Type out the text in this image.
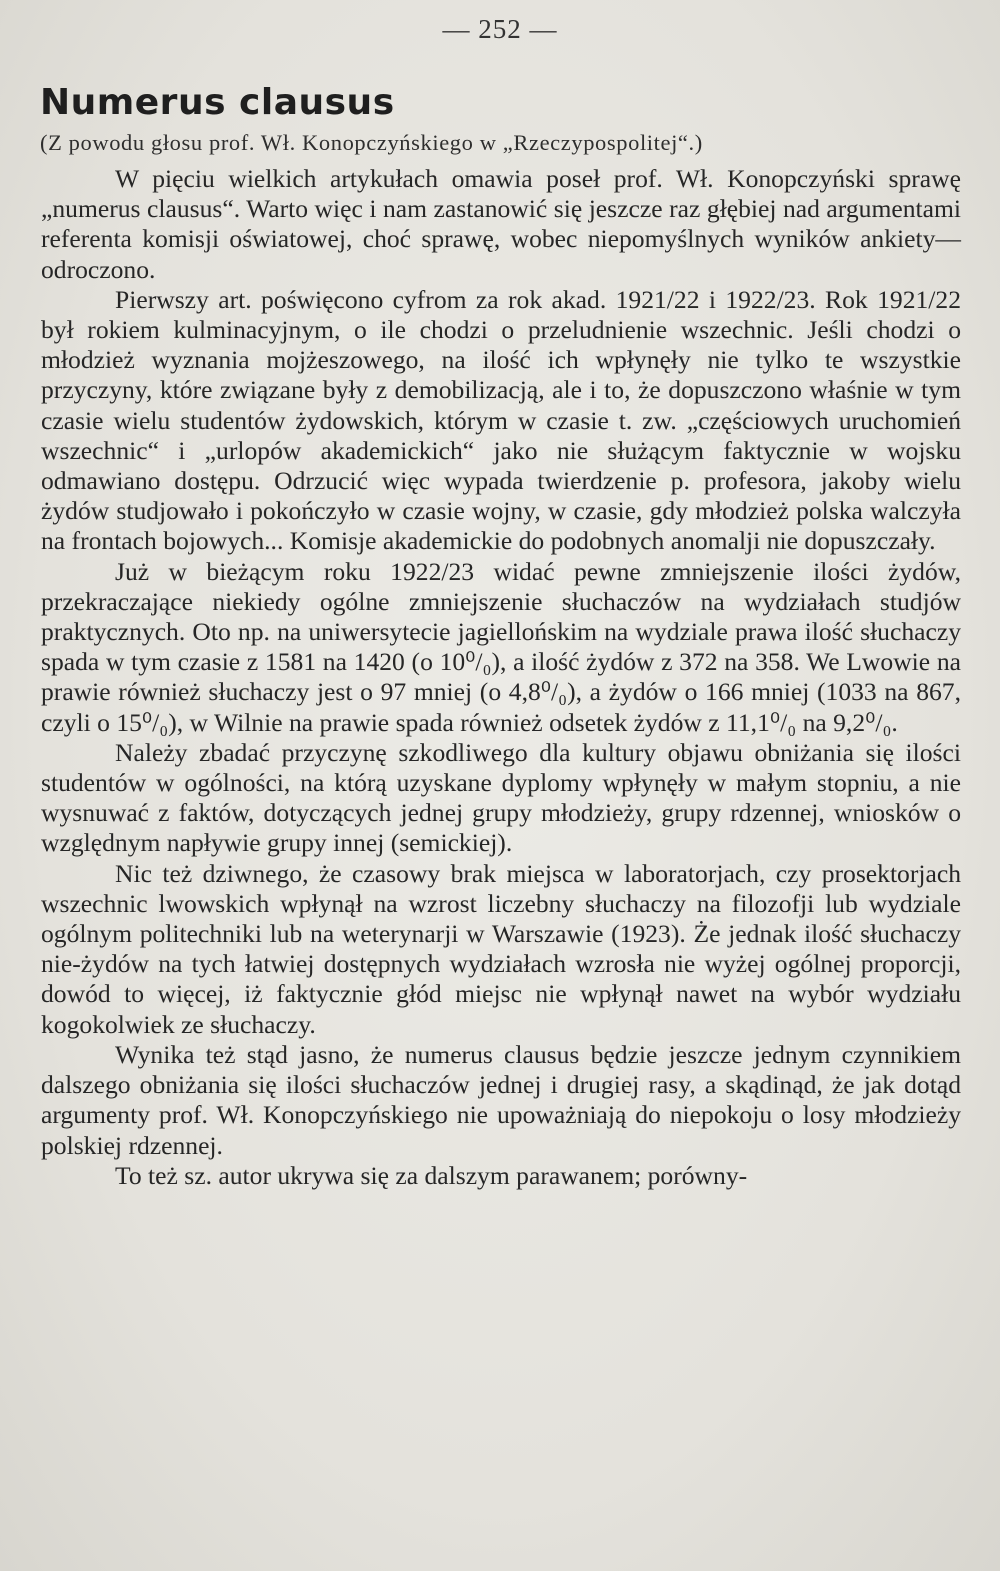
— 252 —
Numerus clausus
(Z powodu głosu prof. Wł. Konopczyńskiego w „Rzeczypospolitej“.)

W pięciu wielkich artykułach omawia poseł prof. Wł. Konopczyński sprawę „numerus clausus“. Warto więc i nam zastanowić się jeszcze raz głębiej nad argumentami referenta komisji oświatowej, choć sprawę, wobec niepomyślnych wyników ankiety—odroczono.

Pierwszy art. poświęcono cyfrom za rok akad. 1921/22 i 1922/23. Rok 1921/22 był rokiem kulminacyjnym, o ile chodzi o przeludnienie wszechnic. Jeśli chodzi o młodzież wyznania mojżeszowego, na ilość ich wpłynęły nie tylko te wszystkie przyczyny, które związane były z demobilizacją, ale i to, że dopuszczono właśnie w tym czasie wielu studentów żydowskich, którym w czasie t. zw. „częściowych uruchomień wszechnic“ i „urlopów akademickich“ jako nie służącym faktycznie w wojsku odmawiano dostępu. Odrzucić więc wypada twierdzenie p. profesora, jakoby wielu żydów studjowało i pokończyło w czasie wojny, w czasie, gdy młodzież polska walczyła na frontach bojowych... Komisje akademickie do podobnych anomalji nie dopuszczały.

Już w bieżącym roku 1922/23 widać pewne zmniejszenie ilości żydów, przekraczające niekiedy ogólne zmniejszenie słuchaczów na wydziałach studjów praktycznych. Oto np. na uniwersytecie jagiellońskim na wydziale prawa ilość słuchaczy spada w tym czasie z 1581 na 1420 (o 10⁰/₀), a ilość żydów z 372 na 358. We Lwowie na prawie również słuchaczy jest o 97 mniej (o 4,8⁰/₀), a żydów o 166 mniej (1033 na 867, czyli o 15⁰/₀), w Wilnie na prawie spada również odsetek żydów z 11,1⁰/₀ na 9,2⁰/₀.

Należy zbadać przyczynę szkodliwego dla kultury objawu obniżania się ilości studentów w ogólności, na którą uzyskane dyplomy wpłynęły w małym stopniu, a nie wysnuwać z faktów, dotyczących jednej grupy młodzieży, grupy rdzennej, wniosków o względnym napływie grupy innej (semickiej).

Nic też dziwnego, że czasowy brak miejsca w laboratorjach, czy prosektorjach wszechnic lwowskich wpłynął na wzrost liczebny słuchaczy na filozofji lub wydziale ogólnym politechniki lub na weterynarji w Warszawie (1923). Że jednak ilość słuchaczy nie-żydów na tych łatwiej dostępnych wydziałach wzrosła nie wyżej ogólnej proporcji, dowód to więcej, iż faktycznie głód miejsc nie wpłynął nawet na wybór wydziału kogokolwiek ze słuchaczy.

Wynika też stąd jasno, że numerus clausus będzie jeszcze jednym czynnikiem dalszego obniżania się ilości słuchaczów jednej i drugiej rasy, a skądinąd, że jak dotąd argumenty prof. Wł. Konopczyńskiego nie upoważniają do niepokoju o losy młodzieży polskiej rdzennej.

To też sz. autor ukrywa się za dalszym parawanem; porówny-
